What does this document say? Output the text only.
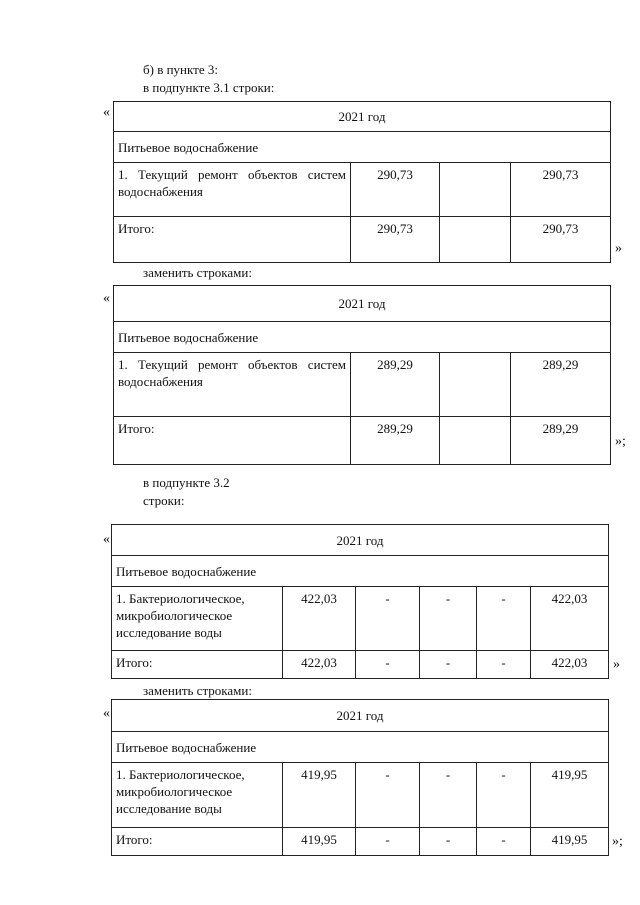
б) в пункте 3:
в подпункте 3.1 строки:
«	2021 год			
Питьевое водоснабжение			
1. Текущий ремонт объектов систем водоснабжения	290,73		290,73
Итого:	290,73		290,73
»
заменить строками:
«	2021 год			
Питьевое водоснабжение			
1. Текущий ремонт объектов систем водоснабжения	289,29		289,29
Итого:	289,29		289,29
»;
в подпункте 3.2
строки:
«	2021 год					
Питьевое водоснабжение					
1. Бактериологическое, микробиологическое исследование воды	422,03	-	-	-	422,03
Итого:	422,03	-	-	-	422,03 »
заменить строками:
«	2021 год					
Питьевое водоснабжение					
1. Бактериологическое, микробиологическое исследование воды	419,95	-	-	-	419,95
Итого:	419,95	-	-	-	419,95 »;
